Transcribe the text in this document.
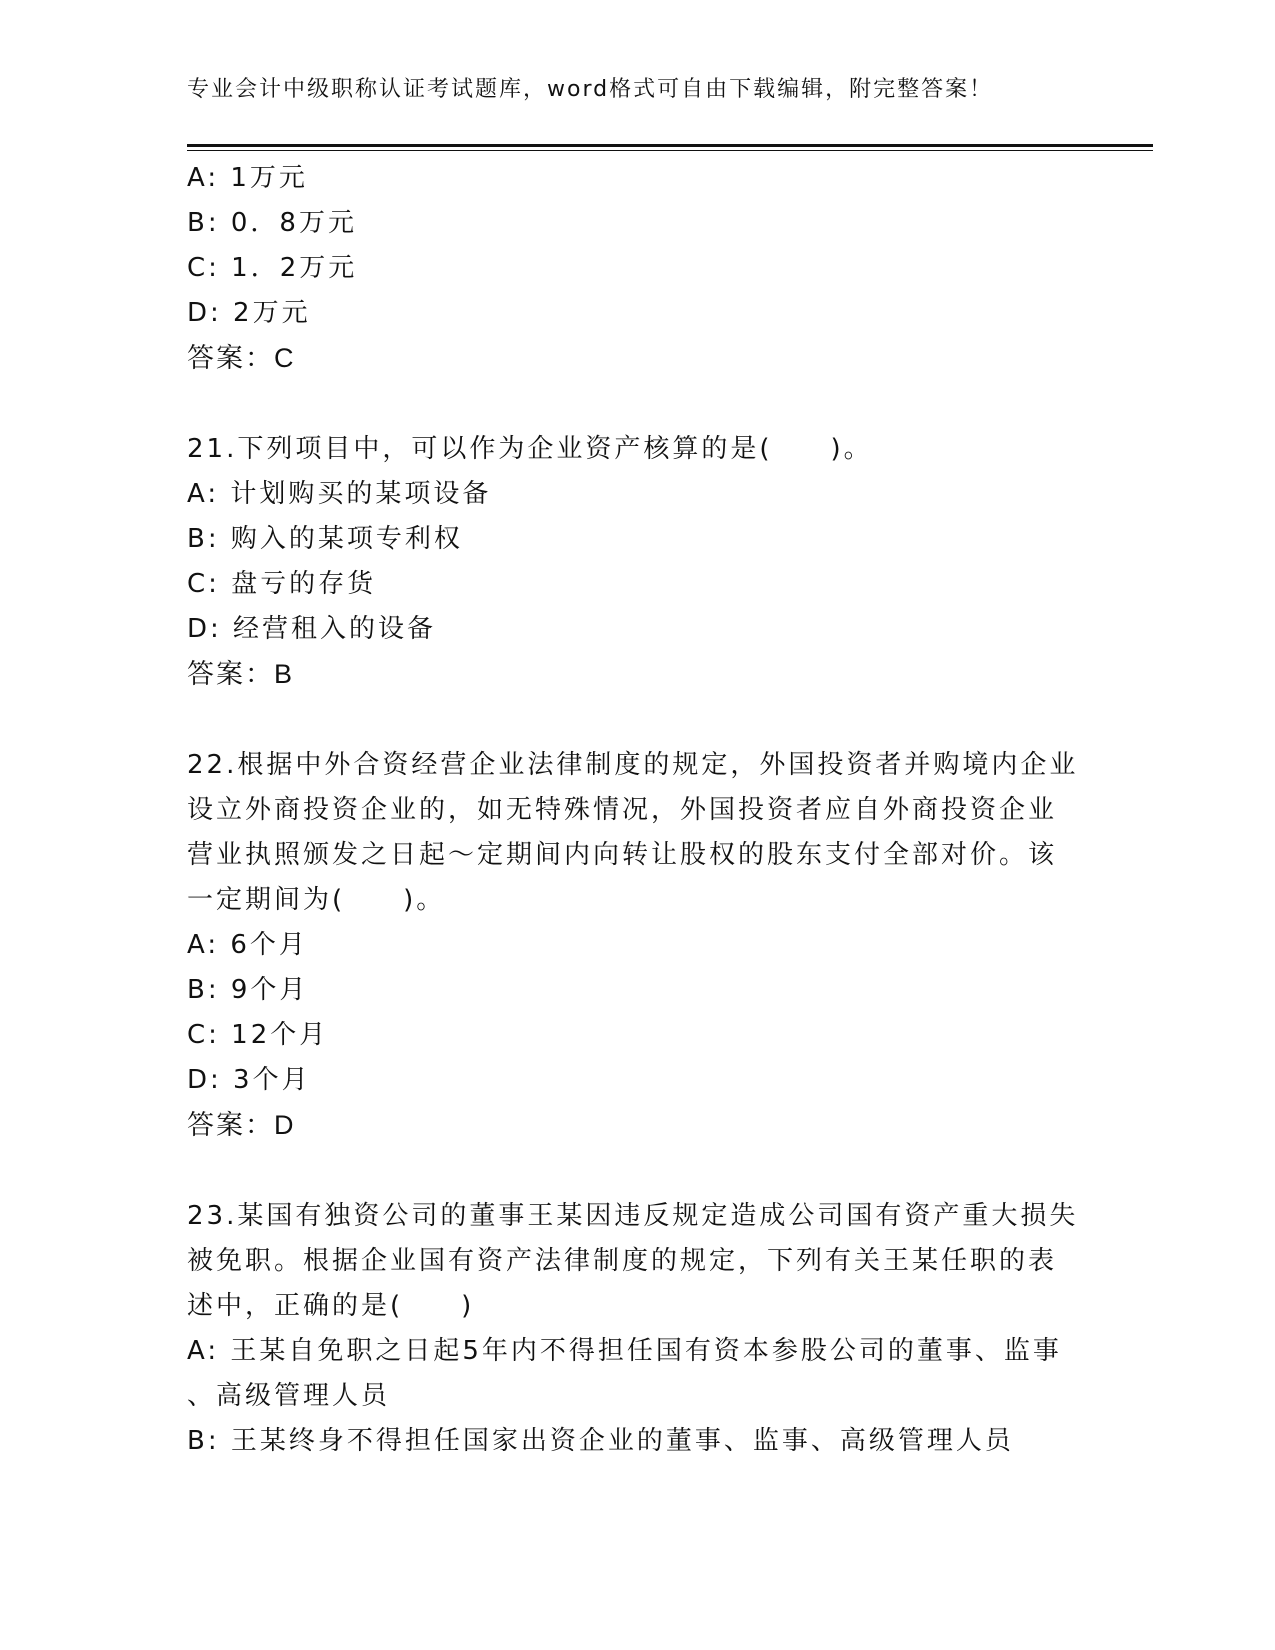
专业会计中级职称认证考试题库，word格式可自由下载编辑，附完整答案！
A: 1万元
B: 0．8万元
C: 1．2万元
D: 2万元
答案：C
21.下列项目中，可以作为企业资产核算的是(　　)。
A: 计划购买的某项设备
B: 购入的某项专利权
C: 盘亏的存货
D: 经营租入的设备
答案：B
22.根据中外合资经营企业法律制度的规定，外国投资者并购境内企业
设立外商投资企业的，如无特殊情况，外国投资者应自外商投资企业
营业执照颁发之日起～定期间内向转让股权的股东支付全部对价。该
一定期间为(　　)。
A: 6个月
B: 9个月
C: 12个月
D: 3个月
答案：D
23.某国有独资公司的董事王某因违反规定造成公司国有资产重大损失
被免职。根据企业国有资产法律制度的规定，下列有关王某任职的表
述中，正确的是(　　)
A: 王某自免职之日起5年内不得担任国有资本参股公司的董事、监事
、高级管理人员
B: 王某终身不得担任国家出资企业的董事、监事、高级管理人员
